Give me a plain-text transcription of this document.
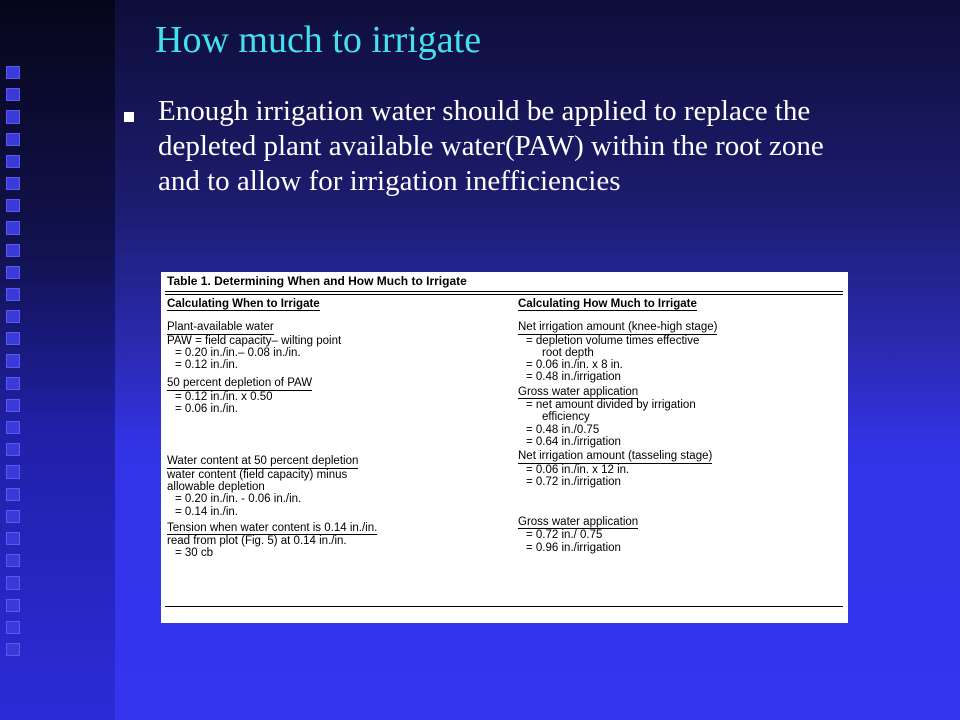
How much to irrigate
Enough irrigation water should be applied to replace the depleted plant available water(PAW) within the root zone and to allow for irrigation inefficiencies
Table 1. Determining When and How Much to Irrigate
Calculating When to Irrigate
Plant-available water
PAW = field capacity– wilting point
= 0.20 in./in.– 0.08 in./in.
= 0.12 in./in.
50 percent depletion of PAW
= 0.12 in./in. x 0.50
= 0.06 in./in.
Water content at 50 percent depletion
water content (field capacity) minus
allowable depletion
= 0.20 in./in. - 0.06 in./in.
= 0.14 in./in.
Tension when water content is 0.14 in./in.
read from plot (Fig. 5) at 0.14 in./in.
= 30 cb
Calculating How Much to Irrigate
Net irrigation amount (knee-high stage)
= depletion volume times effective
root depth
= 0.06 in./in. x 8 in.
= 0.48 in./irrigation
Gross water application
= net amount divided by irrigation
efficiency
= 0.48 in./0.75
= 0.64 in./irrigation
Net irrigation amount (tasseling stage)
= 0.06 in./in. x 12 in.
= 0.72 in./irrigation
Gross water application
= 0.72 in./ 0.75
= 0.96 in./irrigation
